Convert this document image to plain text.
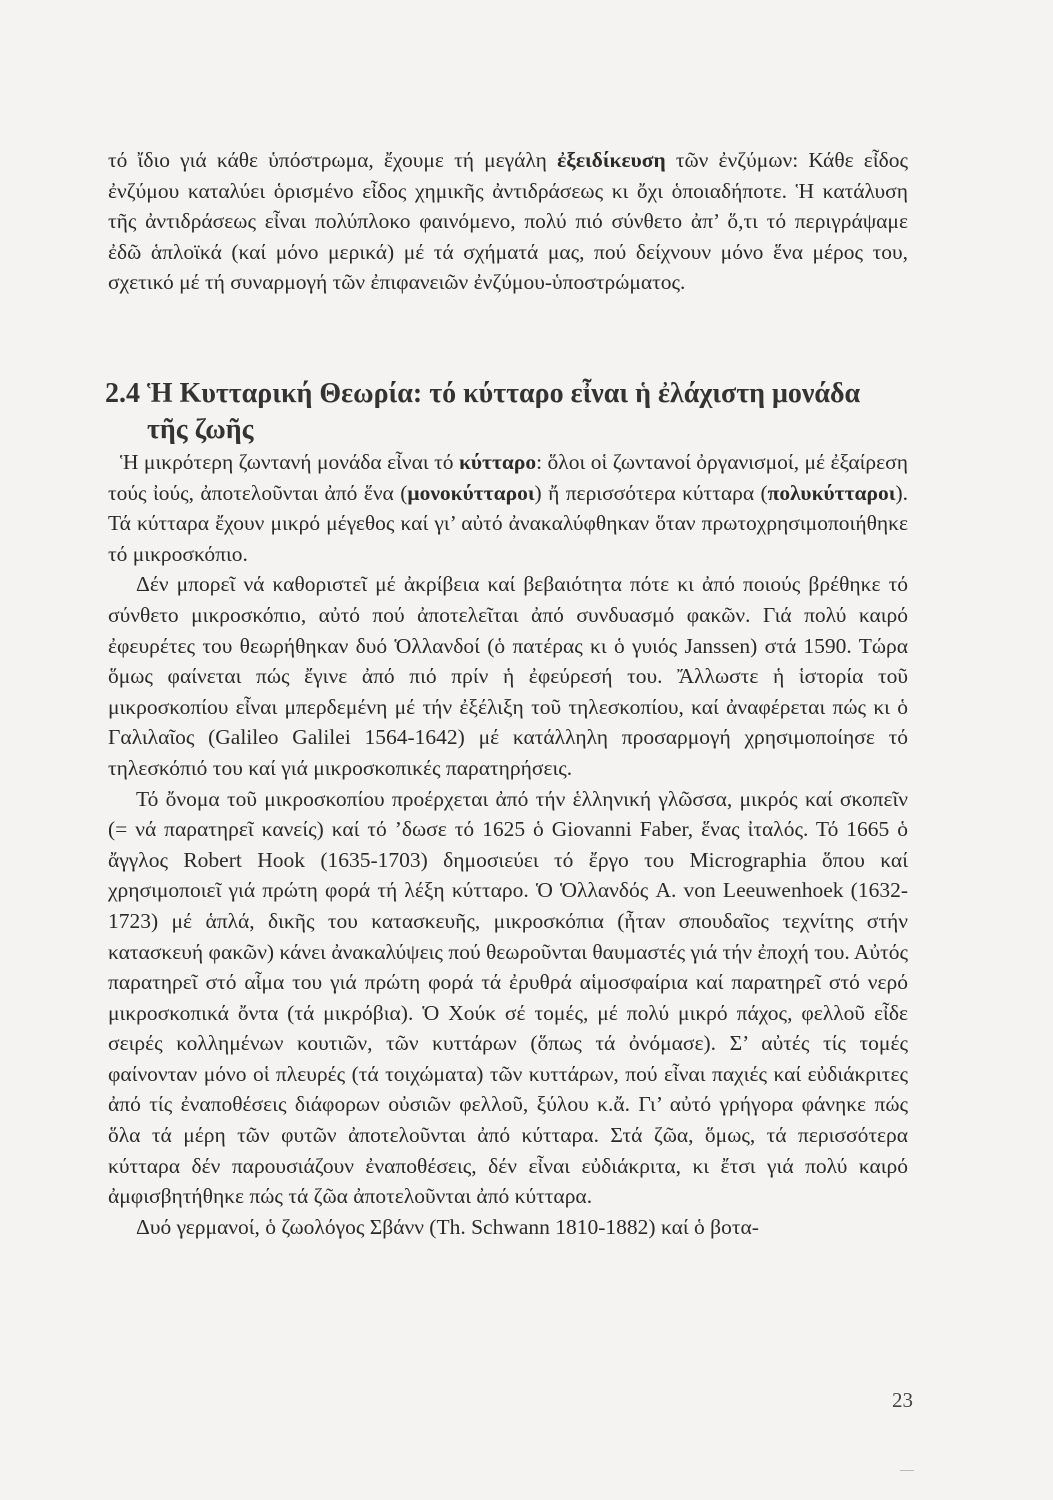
τό ἴδιο γιά κάθε ὑπόστρωμα, ἔχουμε τή μεγάλη ἐξειδίκευση τῶν ἐνζύμων: Κάθε εἶδος ἐνζύμου καταλύει ὁρισμένο εἶδος χημικῆς ἀντιδράσεως κι ὄχι ὁποιαδήποτε. Ἡ κατάλυση τῆς ἀντιδράσεως εἶναι πολύπλοκο φαινόμενο, πολύ πιό σύνθετο ἀπ’ ὅ,τι τό περιγράψαμε ἐδῶ ἁπλοϊκά (καί μόνο μερικά) μέ τά σχήματά μας, πού δείχνουν μόνο ἕνα μέρος του, σχετικό μέ τή συναρμογή τῶν ἐπιφανειῶν ἐνζύμου-ὑποστρώματος.

2.4 Ἡ Κυτταρική Θεωρία: τό κύτταρο εἶναι ἡ ἐλάχιστη μονάδα
τῆς ζωῆς

Ἡ μικρότερη ζωντανή μονάδα εἶναι τό κύτταρο: ὅλοι οἱ ζωντανοί ὀργανισμοί, μέ ἐξαίρεση τούς ἰούς, ἀποτελοῦνται ἀπό ἕνα (μονοκύτταροι) ἤ περισσότερα κύτταρα (πολυκύτταροι). Τά κύτταρα ἔχουν μικρό μέγεθος καί γι’ αὐτό ἀνακαλύφθηκαν ὅταν πρωτοχρησιμοποιήθηκε τό μικροσκόπιο.

Δέν μπορεῖ νά καθοριστεῖ μέ ἀκρίβεια καί βεβαιότητα πότε κι ἀπό ποιούς βρέθηκε τό σύνθετο μικροσκόπιο, αὐτό πού ἀποτελεῖται ἀπό συνδυασμό φακῶν. Γιά πολύ καιρό ἐφευρέτες του θεωρήθηκαν δυό Ὁλλανδοί (ὁ πατέρας κι ὁ γυιός Janssen) στά 1590. Τώρα ὅμως φαίνεται πώς ἔγινε ἀπό πιό πρίν ἡ ἐφεύρεσή του. Ἄλλωστε ἡ ἱστορία τοῦ μικροσκοπίου εἶναι μπερδεμένη μέ τήν ἐξέλιξη τοῦ τηλεσκοπίου, καί ἀναφέρεται πώς κι ὁ Γαλιλαῖος (Galileo Galilei 1564-1642) μέ κατάλληλη προσαρμογή χρησιμοποίησε τό τηλεσκόπιό του καί γιά μικροσκοπικές παρατηρήσεις.

Τό ὄνομα τοῦ μικροσκοπίου προέρχεται ἀπό τήν ἑλληνική γλῶσσα, μικρός καί σκοπεῖν (= νά παρατηρεῖ κανείς) καί τό ’δωσε τό 1625 ὁ Giovanni Faber, ἕνας ἰταλός. Τό 1665 ὁ ἄγγλος Robert Hook (1635-1703) δημοσιεύει τό ἔργο του Micrographia ὅπου καί χρησιμοποιεῖ γιά πρώτη φορά τή λέξη κύτταρο. Ὁ Ὁλλανδός A. von Leeuwenhoek (1632-1723) μέ ἁπλά, δικῆς του κατασκευῆς, μικροσκόπια (ἦταν σπουδαῖος τεχνίτης στήν κατασκευή φακῶν) κάνει ἀνακαλύψεις πού θεωροῦνται θαυμαστές γιά τήν ἐποχή του. Αὐτός παρατηρεῖ στό αἷμα του γιά πρώτη φορά τά ἐρυθρά αἱμοσφαίρια καί παρατηρεῖ στό νερό μικροσκοπικά ὄντα (τά μικρόβια). Ὁ Χούκ σέ τομές, μέ πολύ μικρό πάχος, φελλοῦ εἶδε σειρές κολλημένων κουτιῶν, τῶν κυττάρων (ὅπως τά ὀνόμασε). Σ’ αὐτές τίς τομές φαίνονταν μόνο οἱ πλευρές (τά τοιχώματα) τῶν κυττάρων, πού εἶναι παχιές καί εὐδιάκριτες ἀπό τίς ἐναποθέσεις διάφορων οὐσιῶν φελλοῦ, ξύλου κ.ἄ. Γι’ αὐτό γρήγορα φάνηκε πώς ὅλα τά μέρη τῶν φυτῶν ἀποτελοῦνται ἀπό κύτταρα. Στά ζῶα, ὅμως, τά περισσότερα κύτταρα δέν παρουσιάζουν ἐναποθέσεις, δέν εἶναι εὐδιάκριτα, κι ἔτσι γιά πολύ καιρό ἀμφισβητήθηκε πώς τά ζῶα ἀποτελοῦνται ἀπό κύτταρα.

Δυό γερμανοί, ὁ ζωολόγος Σβάνν (Th. Schwann 1810-1882) καί ὁ βοτα-

23
